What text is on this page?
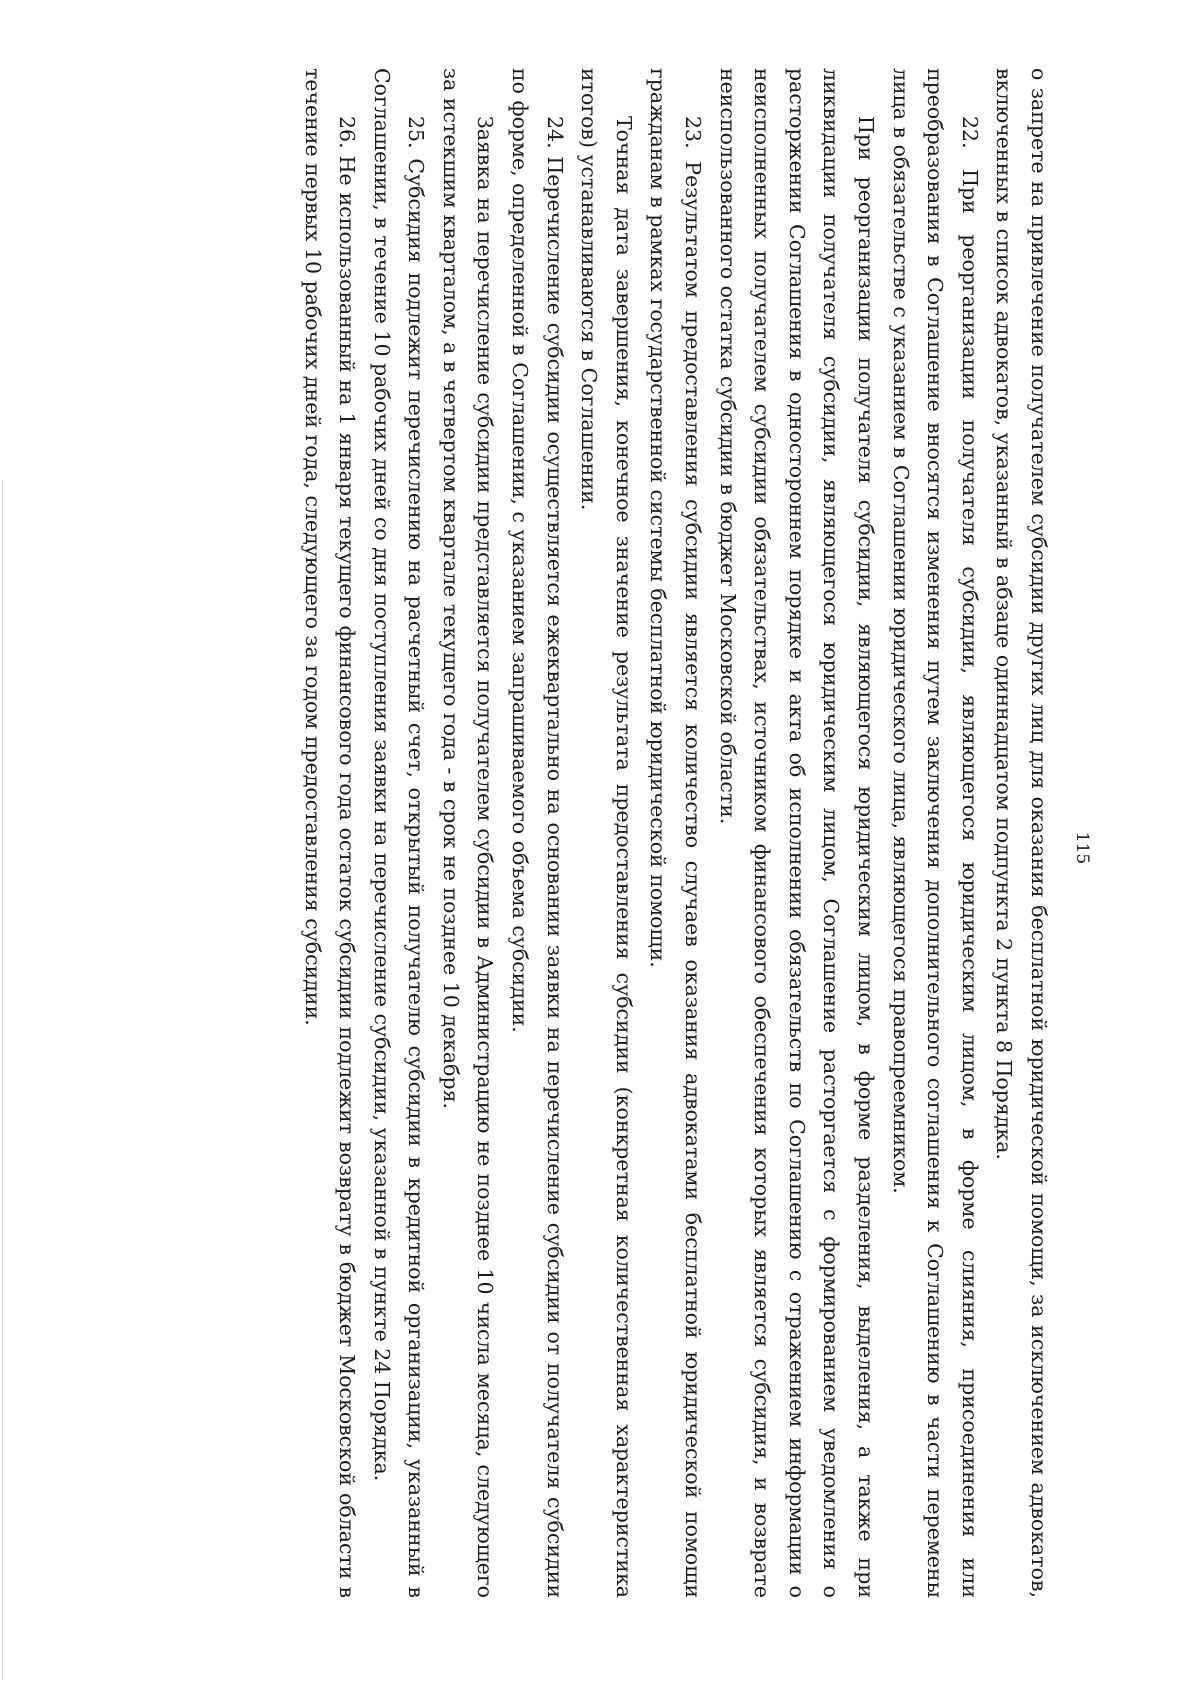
115

о запрете на привлечение получателем субсидии других лиц для оказания бесплатной юридической помощи, за исключением адвокатов, включенных в список адвокатов, указанный в абзаце одиннадцатом подпункта 2 пункта 8 Порядка.

22. При реорганизации получателя субсидии, являющегося юридическим лицом, в форме слияния, присоединения или преобразования в Соглашение вносятся изменения путем заключения дополнительного соглашения к Соглашению в части перемены лица в обязательстве с указанием в Соглашении юридического лица, являющегося правопреемником.

При реорганизации получателя субсидии, являющегося юридическим лицом, в форме разделения, выделения, а также при ликвидации получателя субсидии, являющегося юридическим лицом, Соглашение расторгается с формированием уведомления о расторжении Соглашения в одностороннем порядке и акта об исполнении обязательств по Соглашению с отражением информации о неисполненных получателем субсидии обязательствах, источником финансового обеспечения которых является субсидия, и возврате неиспользованного остатка субсидии в бюджет Московской области.

23. Результатом предоставления субсидии является количество случаев оказания адвокатами бесплатной юридической помощи гражданам в рамках государственной системы бесплатной юридической помощи.

Точная дата завершения, конечное значение результата предоставления субсидии (конкретная количественная характеристика итогов) устанавливаются в Соглашении.

24. Перечисление субсидии осуществляется ежеквартально на основании заявки на перечисление субсидии от получателя субсидии по форме, определенной в Соглашении, с указанием запрашиваемого объема субсидии.

Заявка на перечисление субсидии представляется получателем субсидии в Администрацию не позднее 10 числа месяца, следующего за истекшим кварталом, а в четвертом квартале текущего года - в срок не позднее 10 декабря.

25. Субсидия подлежит перечислению на расчетный счет, открытый получателю субсидии в кредитной организации, указанный в Соглашении, в течение 10 рабочих дней со дня поступления заявки на перечисление субсидии, указанной в пункте 24 Порядка.

26. Не использованный на 1 января текущего финансового года остаток субсидии подлежит возврату в бюджет Московской области в течение первых 10 рабочих дней года, следующего за годом предоставления субсидии.
